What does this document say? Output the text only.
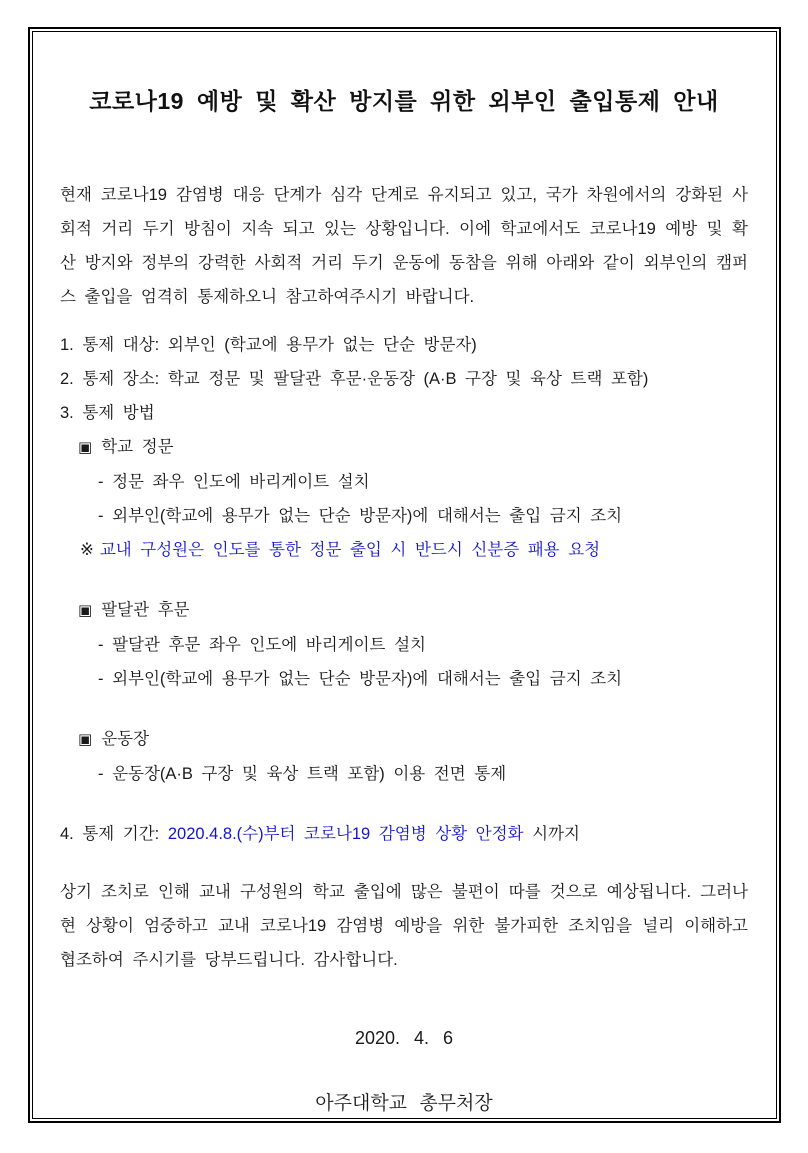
코로나19 예방 및 확산 방지를 위한 외부인 출입통제 안내

현재 코로나19 감염병 대응 단계가 심각 단계로 유지되고 있고, 국가 차원에서의 강화된 사회적 거리 두기 방침이 지속 되고 있는 상황입니다. 이에 학교에서도 코로나19 예방 및 확산 방지와 정부의 강력한 사회적 거리 두기 운동에 동참을 위해 아래와 같이 외부인의 캠퍼스 출입을 엄격히 통제하오니 참고하여주시기 바랍니다.

1. 통제 대상: 외부인 (학교에 용무가 없는 단순 방문자)

2. 통제 장소: 학교 정문 및 팔달관 후문·운동장 (A·B 구장 및 육상 트랙 포함)

3. 통제 방법

▣ 학교 정문

- 정문 좌우 인도에 바리게이트 설치

- 외부인(학교에 용무가 없는 단순 방문자)에 대해서는 출입 금지 조치

※ 교내 구성원은 인도를 통한 정문 출입 시 반드시 신분증 패용 요청

▣ 팔달관 후문

- 팔달관 후문 좌우 인도에 바리게이트 설치

- 외부인(학교에 용무가 없는 단순 방문자)에 대해서는 출입 금지 조치

▣ 운동장

- 운동장(A·B 구장 및 육상 트랙 포함) 이용 전면 통제

4. 통제 기간: 2020.4.8.(수)부터 코로나19 감염병 상황 안정화 시까지

상기 조치로 인해 교내 구성원의 학교 출입에 많은 불편이 따를 것으로 예상됩니다. 그러나 현 상황이 엄중하고 교내 코로나19 감염병 예방을 위한 불가피한 조치임을 널리 이해하고 협조하여 주시기를 당부드립니다. 감사합니다.

2020. 4. 6

아주대학교 총무처장
